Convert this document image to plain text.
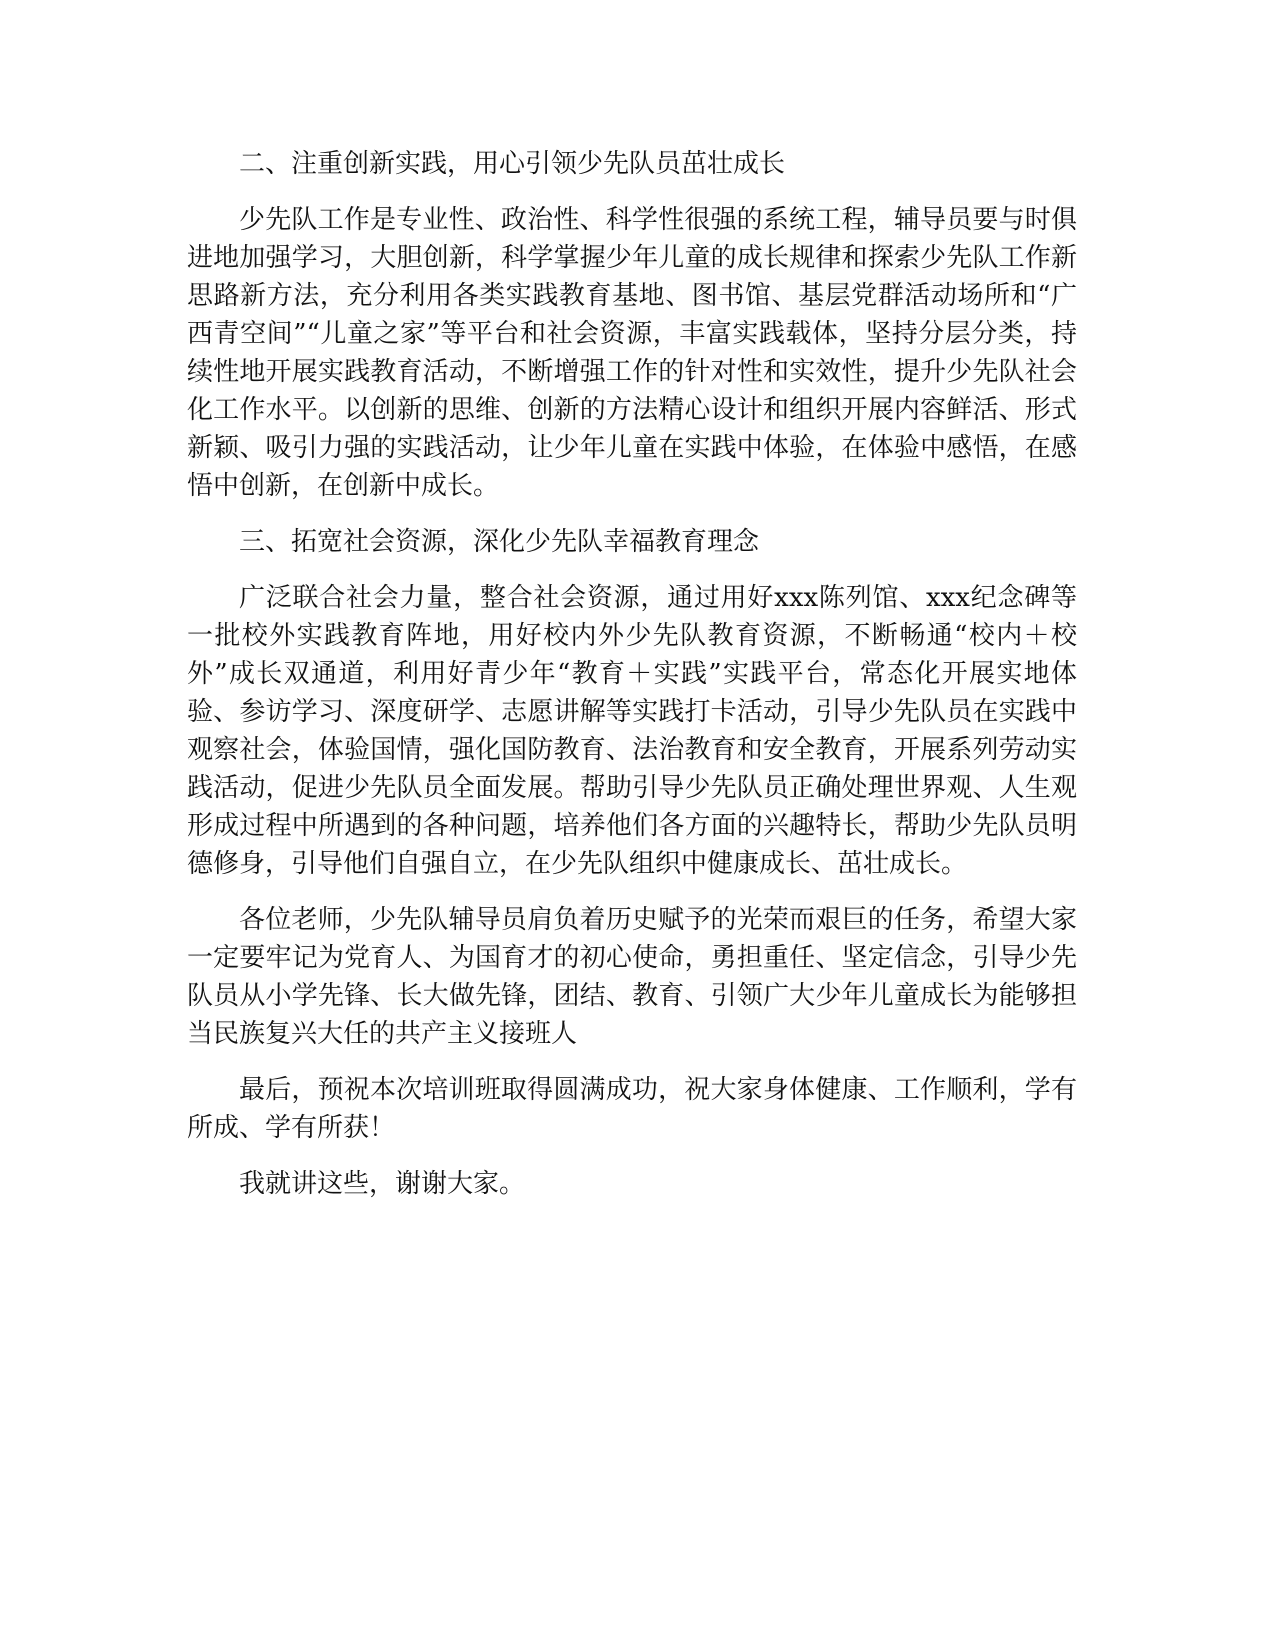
二、注重创新实践，用心引领少先队员茁壮成长

少先队工作是专业性、政治性、科学性很强的系统工程，辅导员要与时俱进地加强学习，大胆创新，科学掌握少年儿童的成长规律和探索少先队工作新思路新方法，充分利用各类实践教育基地、图书馆、基层党群活动场所和“广西青空间”“儿童之家”等平台和社会资源，丰富实践载体，坚持分层分类，持续性地开展实践教育活动，不断增强工作的针对性和实效性，提升少先队社会化工作水平。以创新的思维、创新的方法精心设计和组织开展内容鲜活、形式新颖、吸引力强的实践活动，让少年儿童在实践中体验，在体验中感悟，在感悟中创新，在创新中成长。

三、拓宽社会资源，深化少先队幸福教育理念

广泛联合社会力量，整合社会资源，通过用好xxx陈列馆、xxx纪念碑等一批校外实践教育阵地，用好校内外少先队教育资源，不断畅通“校内＋校外”成长双通道，利用好青少年“教育＋实践”实践平台，常态化开展实地体验、参访学习、深度研学、志愿讲解等实践打卡活动，引导少先队员在实践中观察社会，体验国情，强化国防教育、法治教育和安全教育，开展系列劳动实践活动，促进少先队员全面发展。帮助引导少先队员正确处理世界观、人生观形成过程中所遇到的各种问题，培养他们各方面的兴趣特长，帮助少先队员明德修身，引导他们自强自立，在少先队组织中健康成长、茁壮成长。

各位老师，少先队辅导员肩负着历史赋予的光荣而艰巨的任务，希望大家一定要牢记为党育人、为国育才的初心使命，勇担重任、坚定信念，引导少先队员从小学先锋、长大做先锋，团结、教育、引领广大少年儿童成长为能够担当民族复兴大任的共产主义接班人

最后，预祝本次培训班取得圆满成功，祝大家身体健康、工作顺利，学有所成、学有所获！

我就讲这些，谢谢大家。
